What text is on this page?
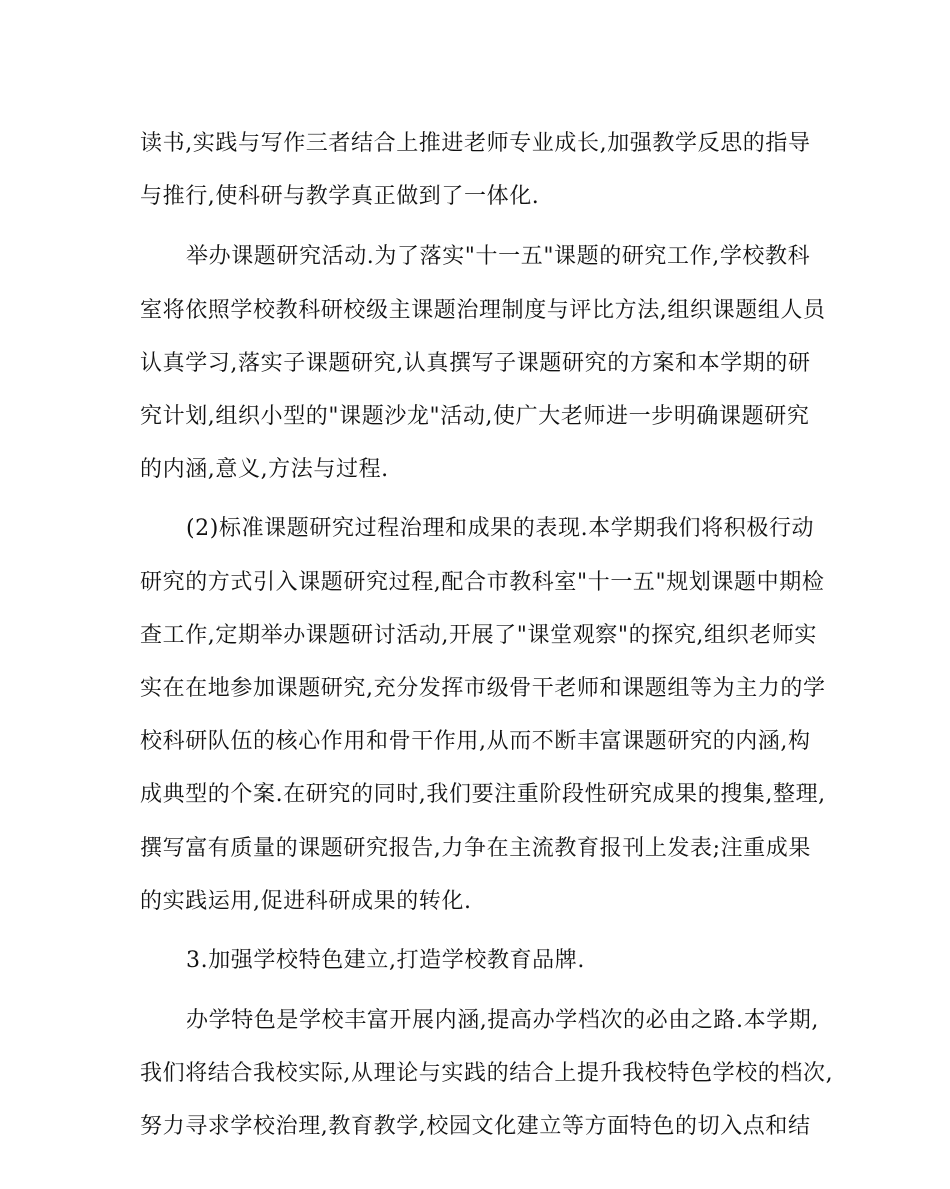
读书,实践与写作三者结合上推进老师专业成长,加强教学反思的指导
与推行,使科研与教学真正做到了一体化.
举办课题研究活动.为了落实"十一五"课题的研究工作,学校教科
室将依照学校教科研校级主课题治理制度与评比方法,组织课题组人员
认真学习,落实子课题研究,认真撰写子课题研究的方案和本学期的研
究计划,组织小型的"课题沙龙"活动,使广大老师进一步明确课题研究
的内涵,意义,方法与过程.
(2)标准课题研究过程治理和成果的表现.本学期我们将积极行动
研究的方式引入课题研究过程,配合市教科室"十一五"规划课题中期检
查工作,定期举办课题研讨活动,开展了"课堂观察"的探究,组织老师实
实在在地参加课题研究,充分发挥市级骨干老师和课题组等为主力的学
校科研队伍的核心作用和骨干作用,从而不断丰富课题研究的内涵,构
成典型的个案.在研究的同时,我们要注重阶段性研究成果的搜集,整理,
撰写富有质量的课题研究报告,力争在主流教育报刊上发表;注重成果
的实践运用,促进科研成果的转化.
3.加强学校特色建立,打造学校教育品牌.
办学特色是学校丰富开展内涵,提高办学档次的必由之路.本学期,
我们将结合我校实际,从理论与实践的结合上提升我校特色学校的档次,
努力寻求学校治理,教育教学,校园文化建立等方面特色的切入点和结
